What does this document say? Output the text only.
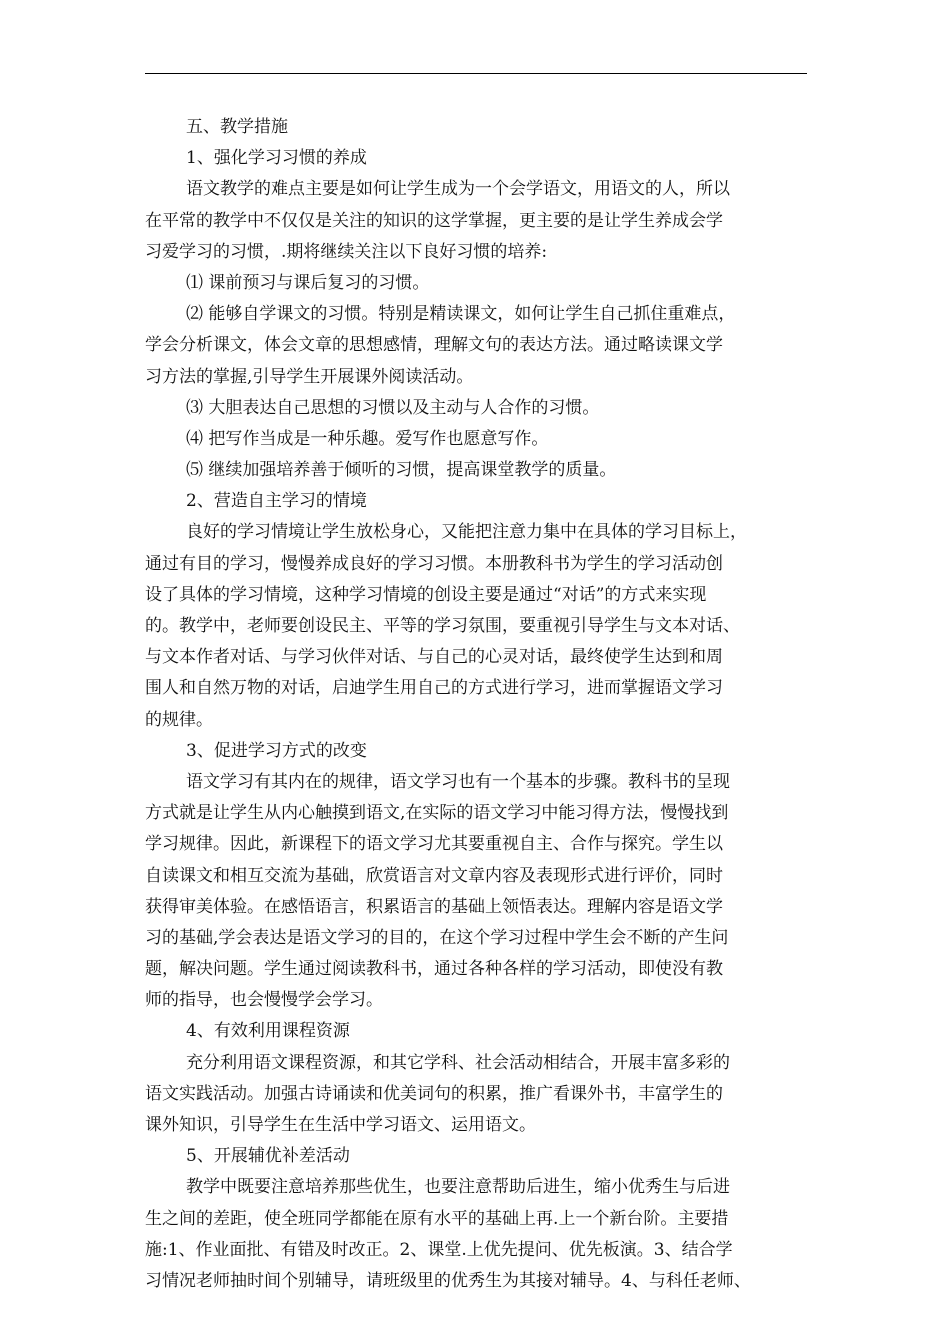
五、教学措施

1、强化学习习惯的养成

语文教学的难点主要是如何让学生成为一个会学语文，用语文的人，所以

在平常的教学中不仅仅是关注的知识的这学掌握，更主要的是让学生养成会学

习爱学习的习惯，.期将继续关注以下良好习惯的培养:

⑴ 课前预习与课后复习的习惯。

⑵ 能够自学课文的习惯。特别是精读课文，如何让学生自己抓住重难点，

学会分析课文，体会文章的思想感情，理解文句的表达方法。通过略读课文学

习方法的掌握,引导学生开展课外阅读活动。

⑶ 大胆表达自己思想的习惯以及主动与人合作的习惯。

⑷ 把写作当成是一种乐趣。爱写作也愿意写作。

⑸ 继续加强培养善于倾听的习惯，提高课堂教学的质量。

2、营造自主学习的情境

良好的学习情境让学生放松身心，又能把注意力集中在具体的学习目标上，

通过有目的学习，慢慢养成良好的学习习惯。本册教科书为学生的学习活动创

设了具体的学习情境，这种学习情境的创设主要是通过“对话”的方式来实现

的。教学中，老师要创设民主、平等的学习氛围，要重视引导学生与文本对话、

与文本作者对话、与学习伙伴对话、与自己的心灵对话，最终使学生达到和周

围人和自然万物的对话，启迪学生用自己的方式进行学习，进而掌握语文学习

的规律。

3、促进学习方式的改变

语文学习有其内在的规律，语文学习也有一个基本的步骤。教科书的呈现

方式就是让学生从内心触摸到语文,在实际的语文学习中能习得方法，慢慢找到

学习规律。因此，新课程下的语文学习尤其要重视自主、合作与探究。学生以

自读课文和相互交流为基础，欣赏语言对文章内容及表现形式进行评价，同时

获得审美体验。在感悟语言，积累语言的基础上领悟表达。理解内容是语文学

习的基础,学会表达是语文学习的目的，在这个学习过程中学生会不断的产生问

题，解决问题。学生通过阅读教科书，通过各种各样的学习活动，即使没有教

师的指导，也会慢慢学会学习。

4、有效利用课程资源

充分利用语文课程资源，和其它学科、社会活动相结合，开展丰富多彩的

语文实践活动。加强古诗诵读和优美词句的积累，推广看课外书，丰富学生的

课外知识，引导学生在生活中学习语文、运用语文。

5、开展辅优补差活动

教学中既要注意培养那些优生，也要注意帮助后进生，缩小优秀生与后进

生之间的差距，使全班同学都能在原有水平的基础上再.上一个新台阶。主要措

施:1、作业面批、有错及时改正。2、课堂.上优先提问、优先板演。3、结合学

习情况老师抽时间个别辅导，请班级里的优秀生为其接对辅导。4、与科任老师、
